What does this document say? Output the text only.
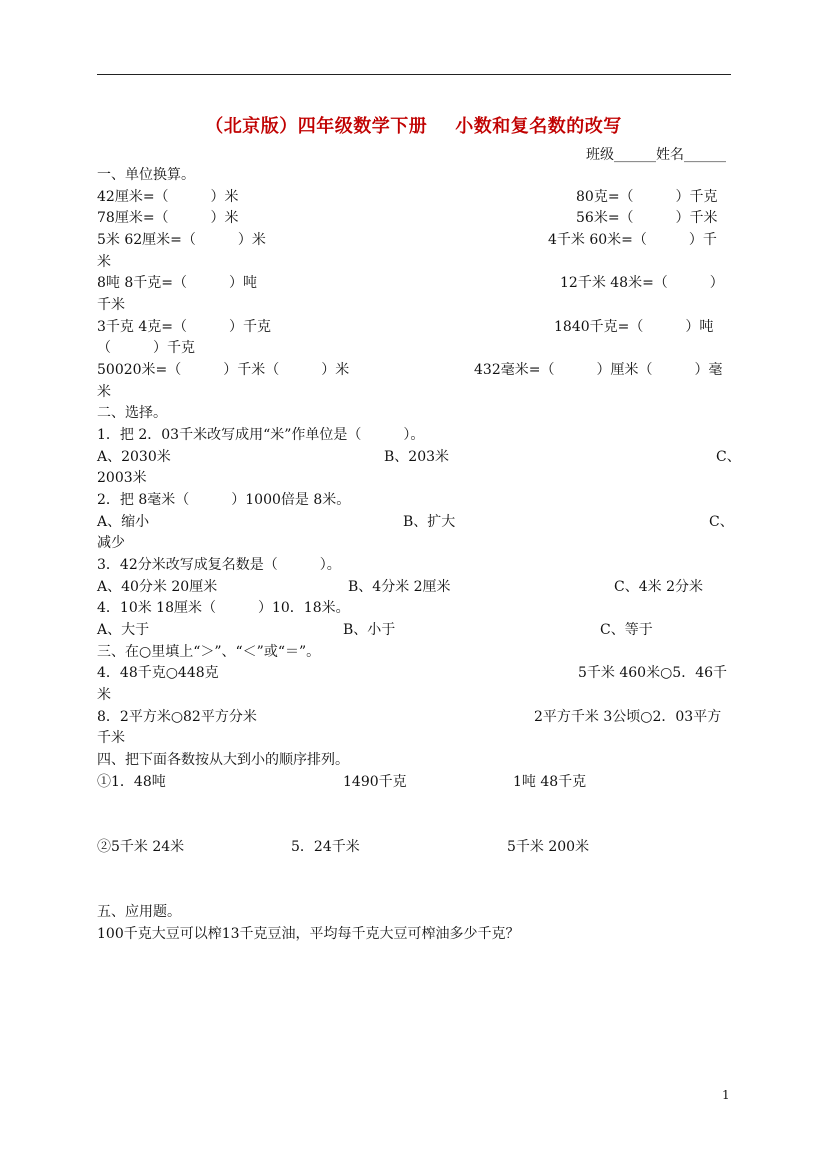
（北京版）四年级数学下册 小数和复名数的改写
班级______姓名______
一、单位换算。
42厘米=（　　　）米	80克=（　　　）千克
78厘米=（　　　）米	56米=（　　　）千米
5米 62厘米=（　　　）米	4千米 60米=（　　　）千
米
8吨 8千克=（　　　）吨	12千米 48米=（　　　）
千米
3千克 4克=（　　　）千克	1840千克=（　　　）吨
（　　　）千克
50020米=（　　　）千米（　　　）米	432毫米=（　　　）厘米（　　　）毫
米
二、选择。
1．把 2．03千米改写成用“米”作单位是（　　　）。
A、2030米	B、203米	C、
2003米
2．把 8毫米（　　　）1000倍是 8米。
A、缩小	B、扩大	C、
减少
3．42分米改写成复名数是（　　　）。
A、40分米 20厘米	B、4分米 2厘米	C、4米 2分米
4．10米 18厘米（　　　）10．18米。
A、大于	B、小于	C、等于
三、在○里填上“＞”、“＜”或“＝”。
4．48千克○448克	5千米 460米○5．46千
米
8．2平方米○82平方分米	2平方千米 3公顷○2．03平方
千米
四、把下面各数按从大到小的顺序排列。
①1．48吨	1490千克	1吨 48千克
②5千米 24米	5．24千米	5千米 200米
五、应用题。
100千克大豆可以榨13千克豆油，平均每千克大豆可榨油多少千克？
1
